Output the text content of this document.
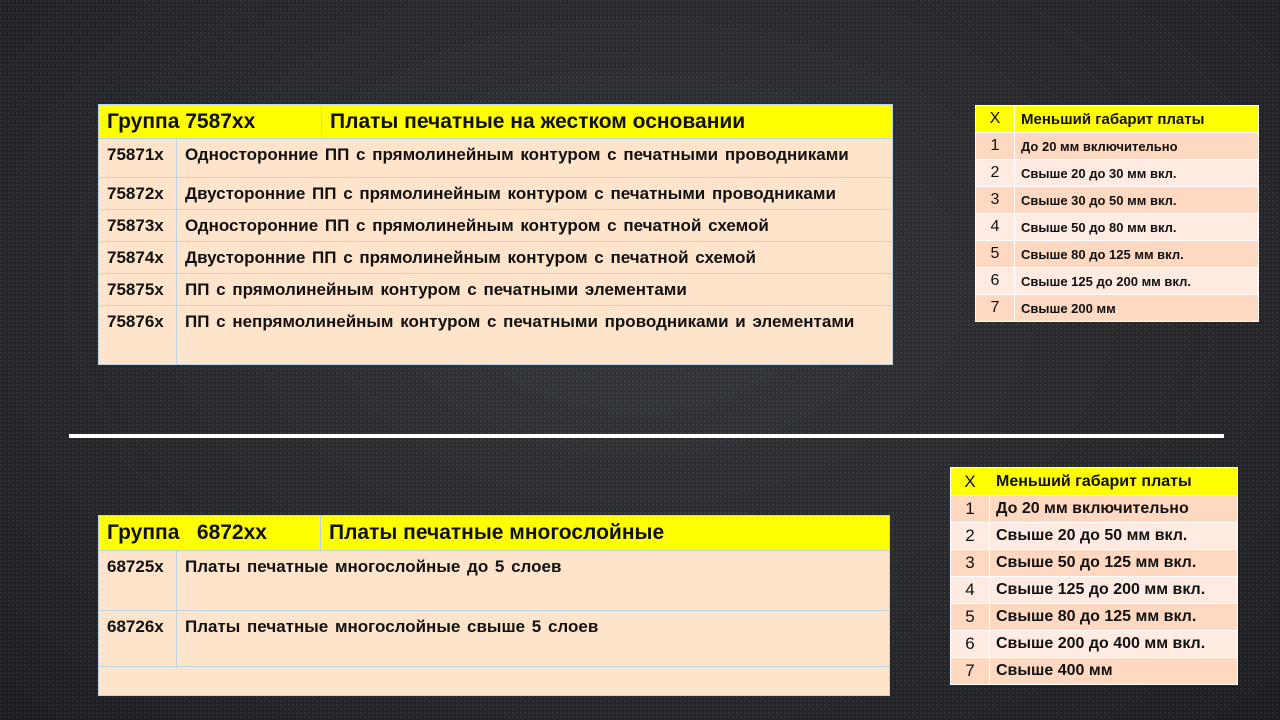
Группа 7587хх		Платы печатные на жестком основании
75871х	Односторонние ПП с прямолинейным контуром с печатными проводниками	
75872х	Двусторонние ПП с прямолинейным контуром с печатными проводниками	
75873х	Односторонние ПП с прямолинейным контуром с печатной схемой	
75874х	Двусторонние ПП с прямолинейным контуром с печатной схемой	
75875х	ПП с прямолинейным контуром с печатными элементами	
75876х	ПП с непрямолинейным контуром с печатными проводниками и элементами	
Х	Меньший габарит платы
1	До 20 мм включительно
2	Свыше 20 до 30 мм вкл.
3	Свыше 30 до 50 мм вкл.
4	Свыше 50 до 80 мм вкл.
5	Свыше 80 до 125 мм вкл.
6	Свыше 125 до 200 мм вкл.
7	Свыше 200 мм
Х	Меньший габарит платы
1	До 20 мм включительно
2	Свыше 20 до 50 мм вкл.
3	Свыше 50 до 125 мм вкл.
4	Свыше 125 до 200 мм вкл.
5	Свыше 80 до 125 мм вкл.
6	Свыше 200 до 400 мм вкл.
7	Свыше 400 мм
Группа   6872хх		Платы печатные многослойные
68725х	Платы печатные многослойные до 5 слоев	
68726х	Платы печатные многослойные свыше 5 слоев	
